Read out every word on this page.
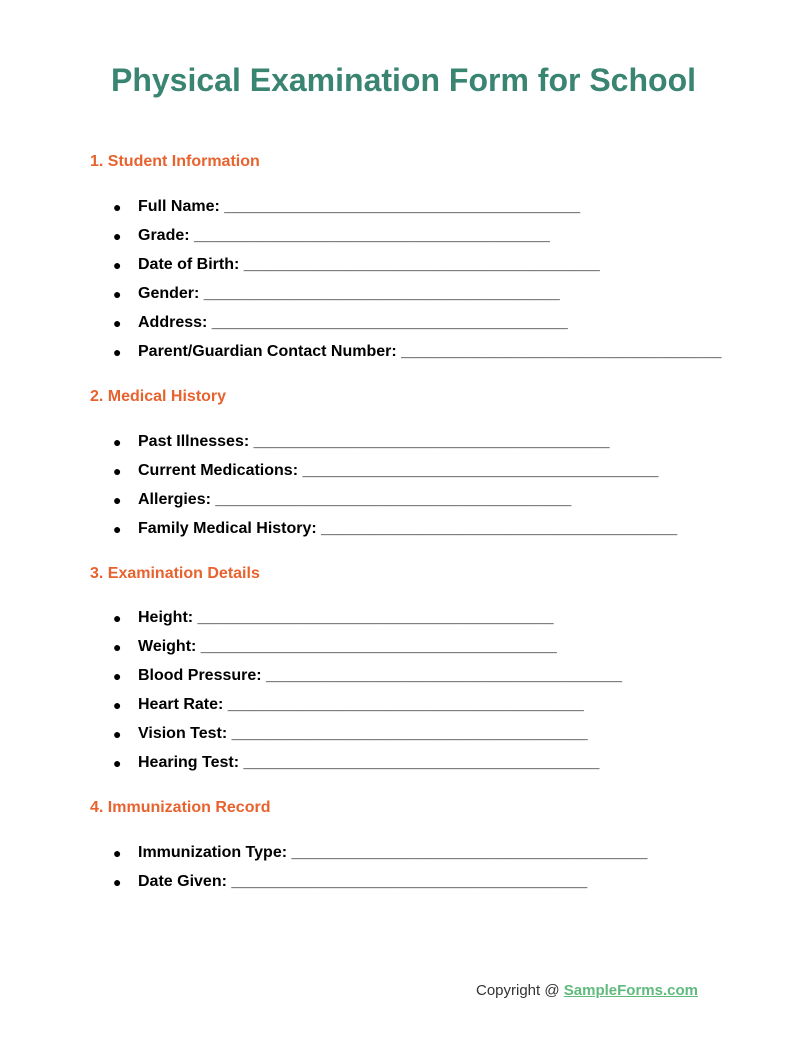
Physical Examination Form for School
1. Student Information
● Full Name: ________________________________________
● Grade: ________________________________________
● Date of Birth: ________________________________________
● Gender: ________________________________________
● Address: ________________________________________
● Parent/Guardian Contact Number: ____________________________________
2. Medical History
● Past Illnesses: ________________________________________
● Current Medications: ________________________________________
● Allergies: ________________________________________
● Family Medical History: ________________________________________
3. Examination Details
● Height: ________________________________________
● Weight: ________________________________________
● Blood Pressure: ________________________________________
● Heart Rate: ________________________________________
● Vision Test: ________________________________________
● Hearing Test: ________________________________________
4. Immunization Record
● Immunization Type: ________________________________________
● Date Given: ________________________________________
Copyright @ SampleForms.com
